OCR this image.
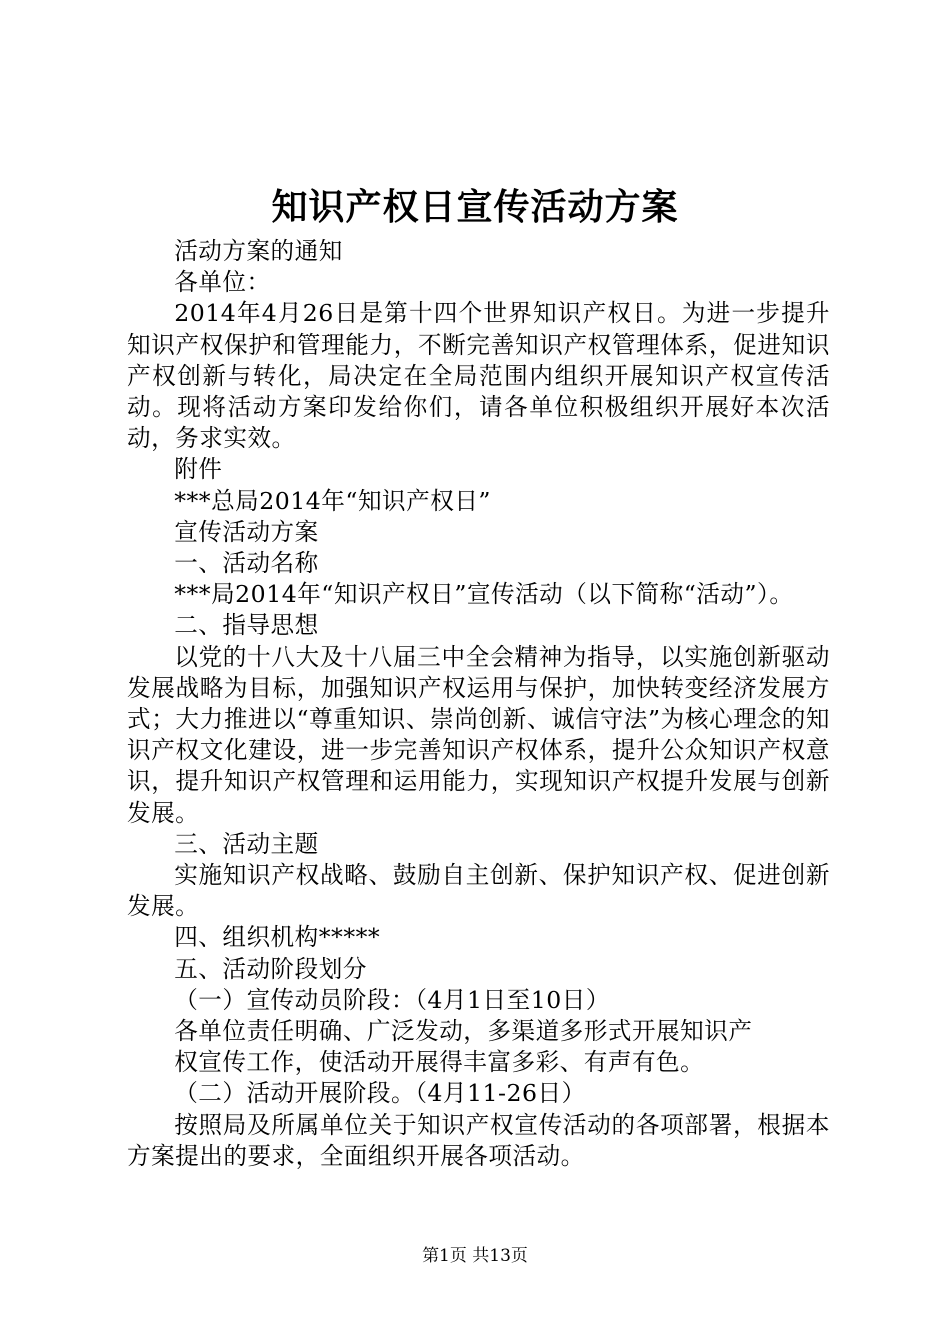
知识产权日宣传活动方案

活动方案的通知

各单位：

2014年4月26日是第十四个世界知识产权日。为进一步提升知识产权保护和管理能力，不断完善知识产权管理体系，促进知识产权创新与转化，局决定在全局范围内组织开展知识产权宣传活动。现将活动方案印发给你们，请各单位积极组织开展好本次活动，务求实效。

附件

***总局2014年“知识产权日”

宣传活动方案

一、活动名称

***局2014年“知识产权日”宣传活动（以下简称“活动”）。

二、指导思想

以党的十八大及十八届三中全会精神为指导，以实施创新驱动发展战略为目标，加强知识产权运用与保护，加快转变经济发展方式；大力推进以“尊重知识、崇尚创新、诚信守法”为核心理念的知识产权文化建设，进一步完善知识产权体系，提升公众知识产权意识，提升知识产权管理和运用能力，实现知识产权提升发展与创新发展。

三、活动主题

实施知识产权战略、鼓励自主创新、保护知识产权、促进创新发展。

四、组织机构*****

五、活动阶段划分

（一）宣传动员阶段：（4月1日至10日）

各单位责任明确、广泛发动，多渠道多形式开展知识产

权宣传工作，使活动开展得丰富多彩、有声有色。

（二）活动开展阶段。（4月11-26日）

按照局及所属单位关于知识产权宣传活动的各项部署，根据本方案提出的要求，全面组织开展各项活动。

第1页 共13页
